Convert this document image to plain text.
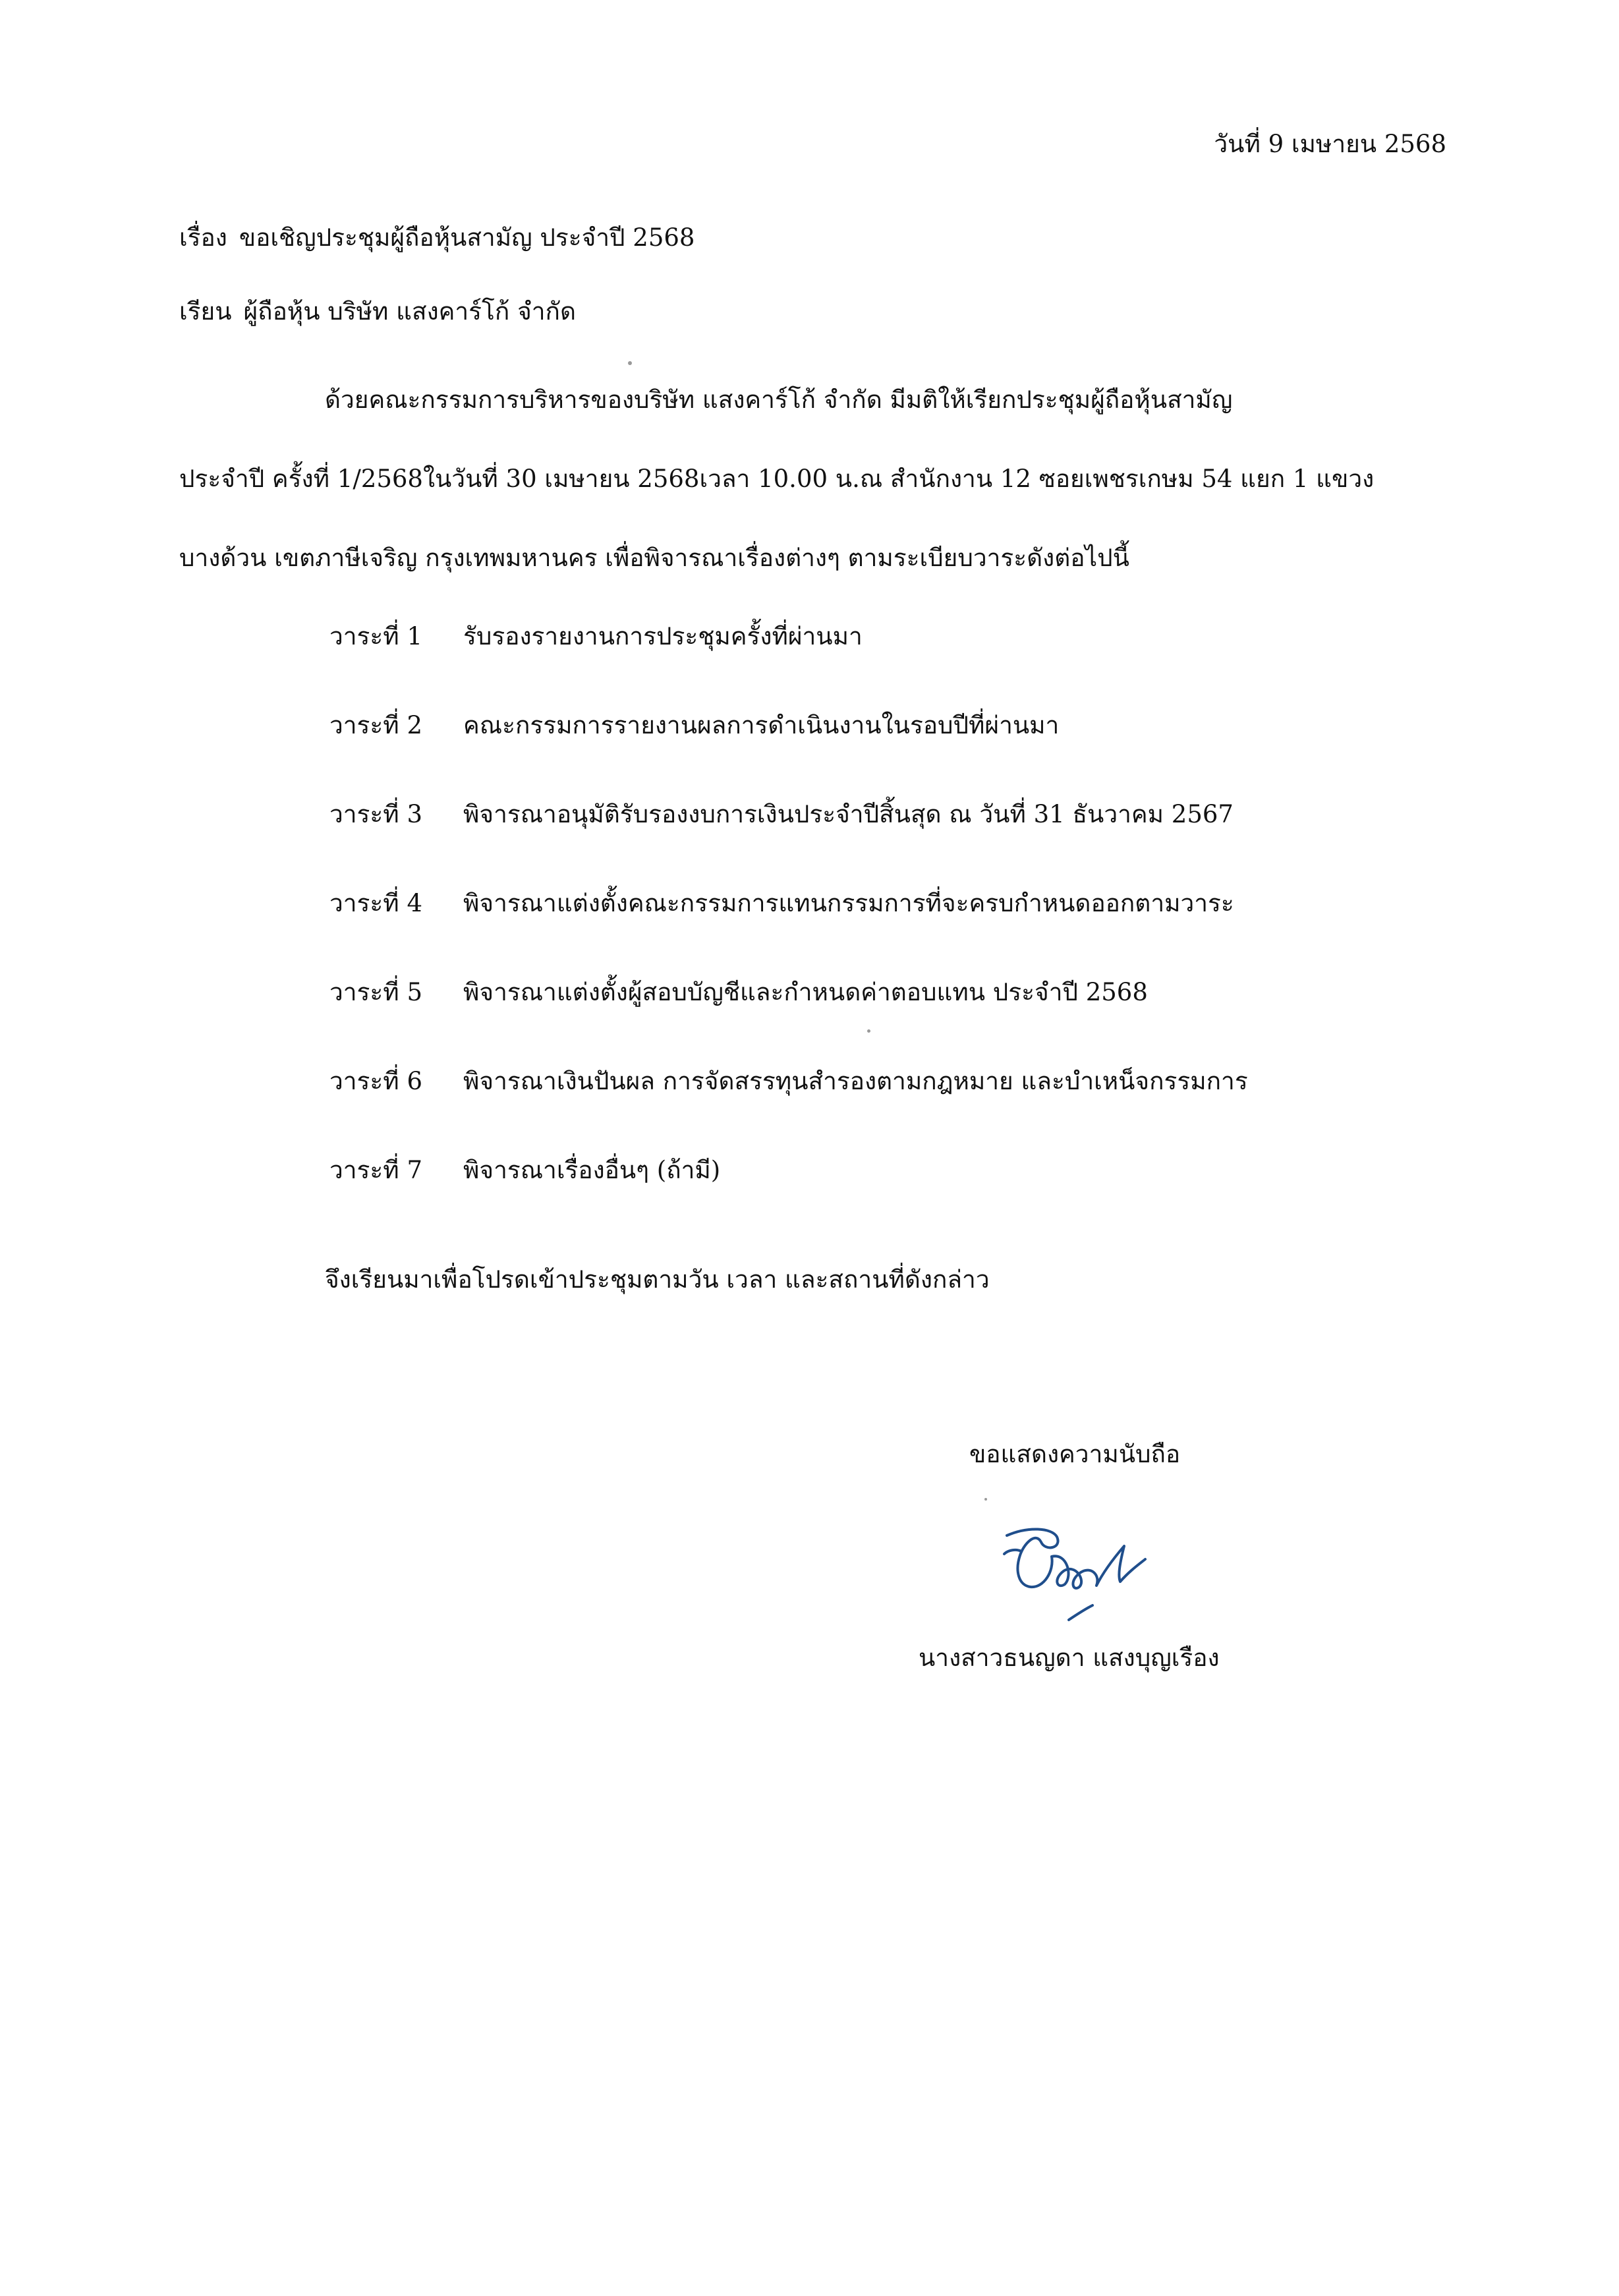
วันที่ 9 เมษายน 2568
เรื่อง ขอเชิญประชุมผู้ถือหุ้นสามัญ ประจำปี 2568
เรียน ผู้ถือหุ้น บริษัท แสงคาร์โก้ จำกัด
ด้วยคณะกรรมการบริหารของบริษัท แสงคาร์โก้ จำกัด มีมติให้เรียกประชุมผู้ถือหุ้นสามัญ
ประจำปี ครั้งที่ 1/2568ในวันที่ 30 เมษายน 2568เวลา 10.00 น.ณ สำนักงาน 12 ซอยเพชรเกษม 54 แยก 1 แขวง
บางด้วน เขตภาษีเจริญ กรุงเทพมหานคร เพื่อพิจารณาเรื่องต่างๆ ตามระเบียบวาระดังต่อไปนี้
วาระที่ 1 รับรองรายงานการประชุมครั้งที่ผ่านมา
วาระที่ 2 คณะกรรมการรายงานผลการดำเนินงานในรอบปีที่ผ่านมา
วาระที่ 3 พิจารณาอนุมัติรับรองงบการเงินประจำปีสิ้นสุด ณ วันที่ 31 ธันวาคม 2567
วาระที่ 4 พิจารณาแต่งตั้งคณะกรรมการแทนกรรมการที่จะครบกำหนดออกตามวาระ
วาระที่ 5 พิจารณาแต่งตั้งผู้สอบบัญชีและกำหนดค่าตอบแทน ประจำปี 2568
วาระที่ 6 พิจารณาเงินปันผล การจัดสรรทุนสำรองตามกฎหมาย และบำเหน็จกรรมการ
วาระที่ 7 พิจารณาเรื่องอื่นๆ (ถ้ามี)
จึงเรียนมาเพื่อโปรดเข้าประชุมตามวัน เวลา และสถานที่ดังกล่าว
ขอแสดงความนับถือ
นางสาวธนญดา แสงบุญเรือง
